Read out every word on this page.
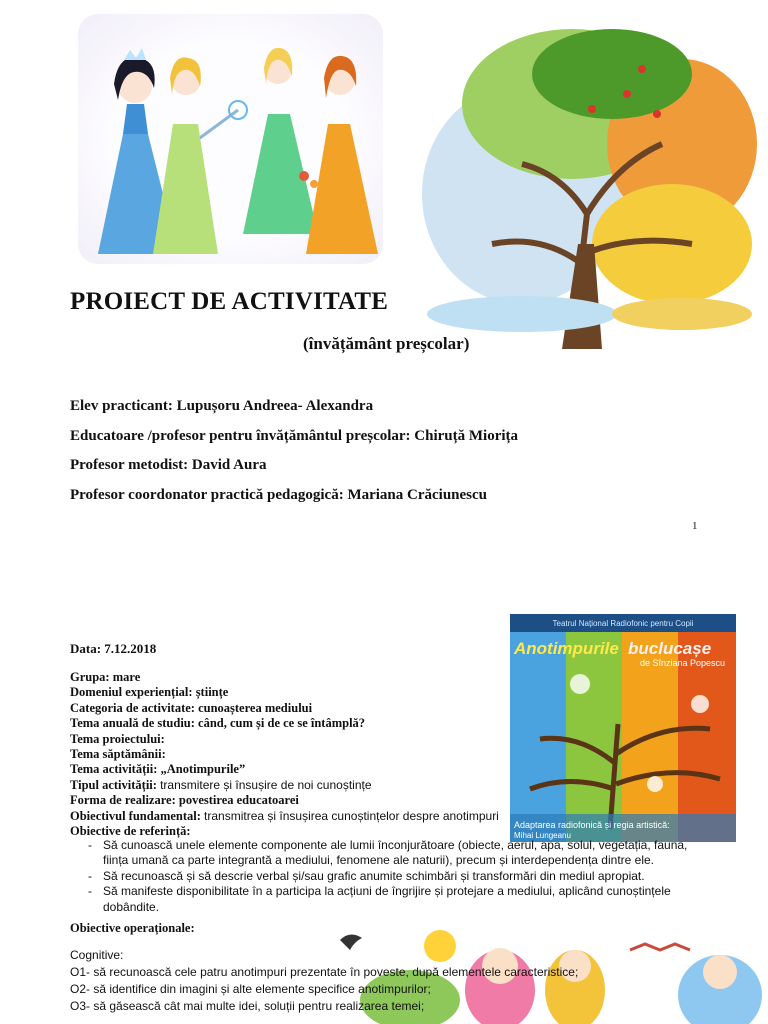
PROIECT DE ACTIVITATE
(învățământ preșcolar)
Elev practicant: Lupușoru Andreea- Alexandra
Educatoare /profesor pentru învățământul preșcolar: Chiruță Miorița
Profesor metodist: David Aura
Profesor coordonator practică pedagogică: Mariana Crăciunescu
1
Teatrul Național Radiofonic pentru Copii
Anotimpurile buclucașe
de Sînziana Popescu
Adaptarea radiofonică și regia artistică:
Mihai Lungeanu
Data: 7.12.2018
Grupa: mare
Domeniul experiențial: științe
Categoria de activitate: cunoașterea mediului
Tema anuală de studiu: când, cum și de ce se întâmplă?
Tema proiectului:
Tema săptămânii:
Tema activității: „Anotimpurile”
Tipul activității: transmitere și însușire de noi cunoștințe
Forma de realizare: povestirea educatoarei
Obiectivul fundamental: transmitrea și însușirea cunoștințelor despre anotimpuri
Obiective de referință:
- Să cunoască unele elemente componente ale lumii înconjurătoare (obiecte, aerul, apa, solul, vegetația, fauna, ființa umană ca parte integrantă a mediului, fenomene ale naturii), precum și interdependența dintre ele.
- Să recunoască și să descrie verbal și/sau grafic anumite schimbări și transformări din mediul apropiat.
- Să manifeste disponibilitate în a participa la acțiuni de îngrijire și protejare a mediului, aplicând cunoștințele dobândite.
Obiective operaționale:
Cognitive:
O1- să recunoască cele patru anotimpuri prezentate în poveste, după elementele caracteristice;
O2- să identifice din imagini și alte elemente specifice anotimpurilor;
O3- să găsească cât mai multe idei, soluții pentru realizarea temei;
